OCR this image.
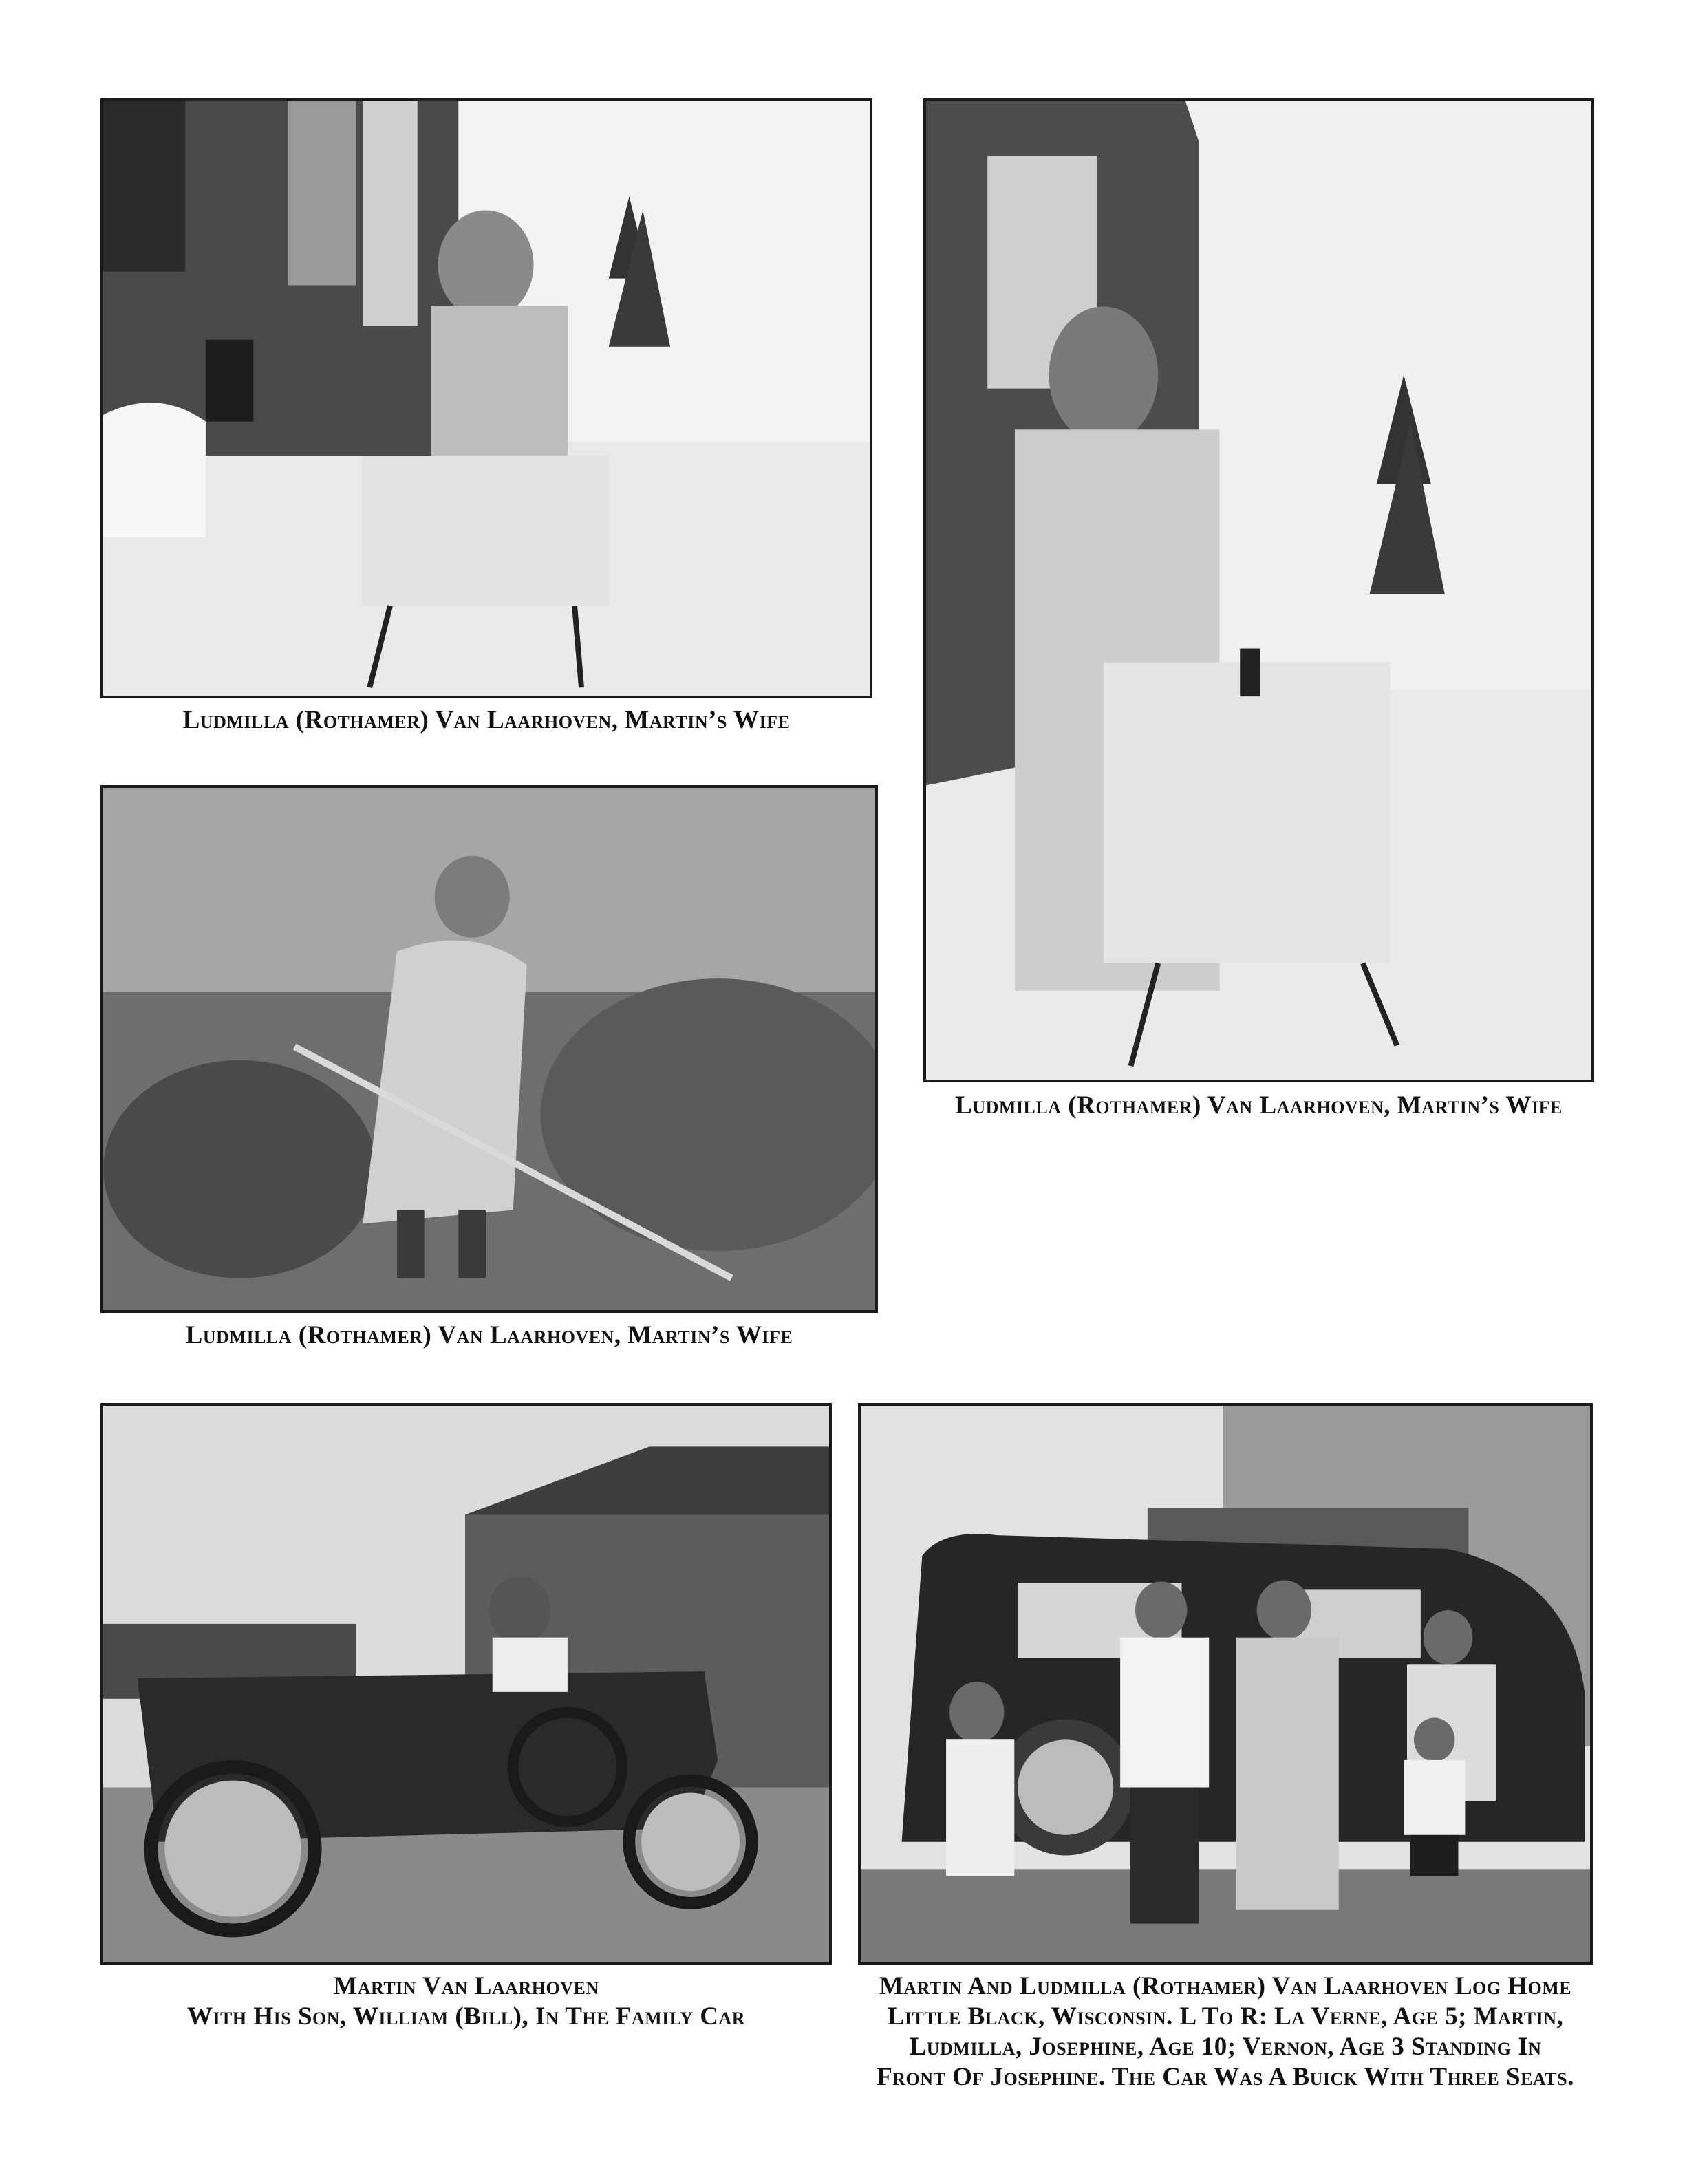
Ludmilla (Rothamer) Van Laarhoven, Martin’s Wife
Ludmilla (Rothamer) Van Laarhoven, Martin’s Wife
Ludmilla (Rothamer) Van Laarhoven, Martin’s Wife
Martin Van Laarhoven
With His Son, William (Bill), In The Family Car
Martin And Ludmilla (Rothamer) Van Laarhoven Log Home
Little Black, Wisconsin. L To R: La Verne, Age 5; Martin,
Ludmilla, Josephine, Age 10; Vernon, Age 3 Standing In
Front Of Josephine. The Car Was A Buick With Three Seats.
